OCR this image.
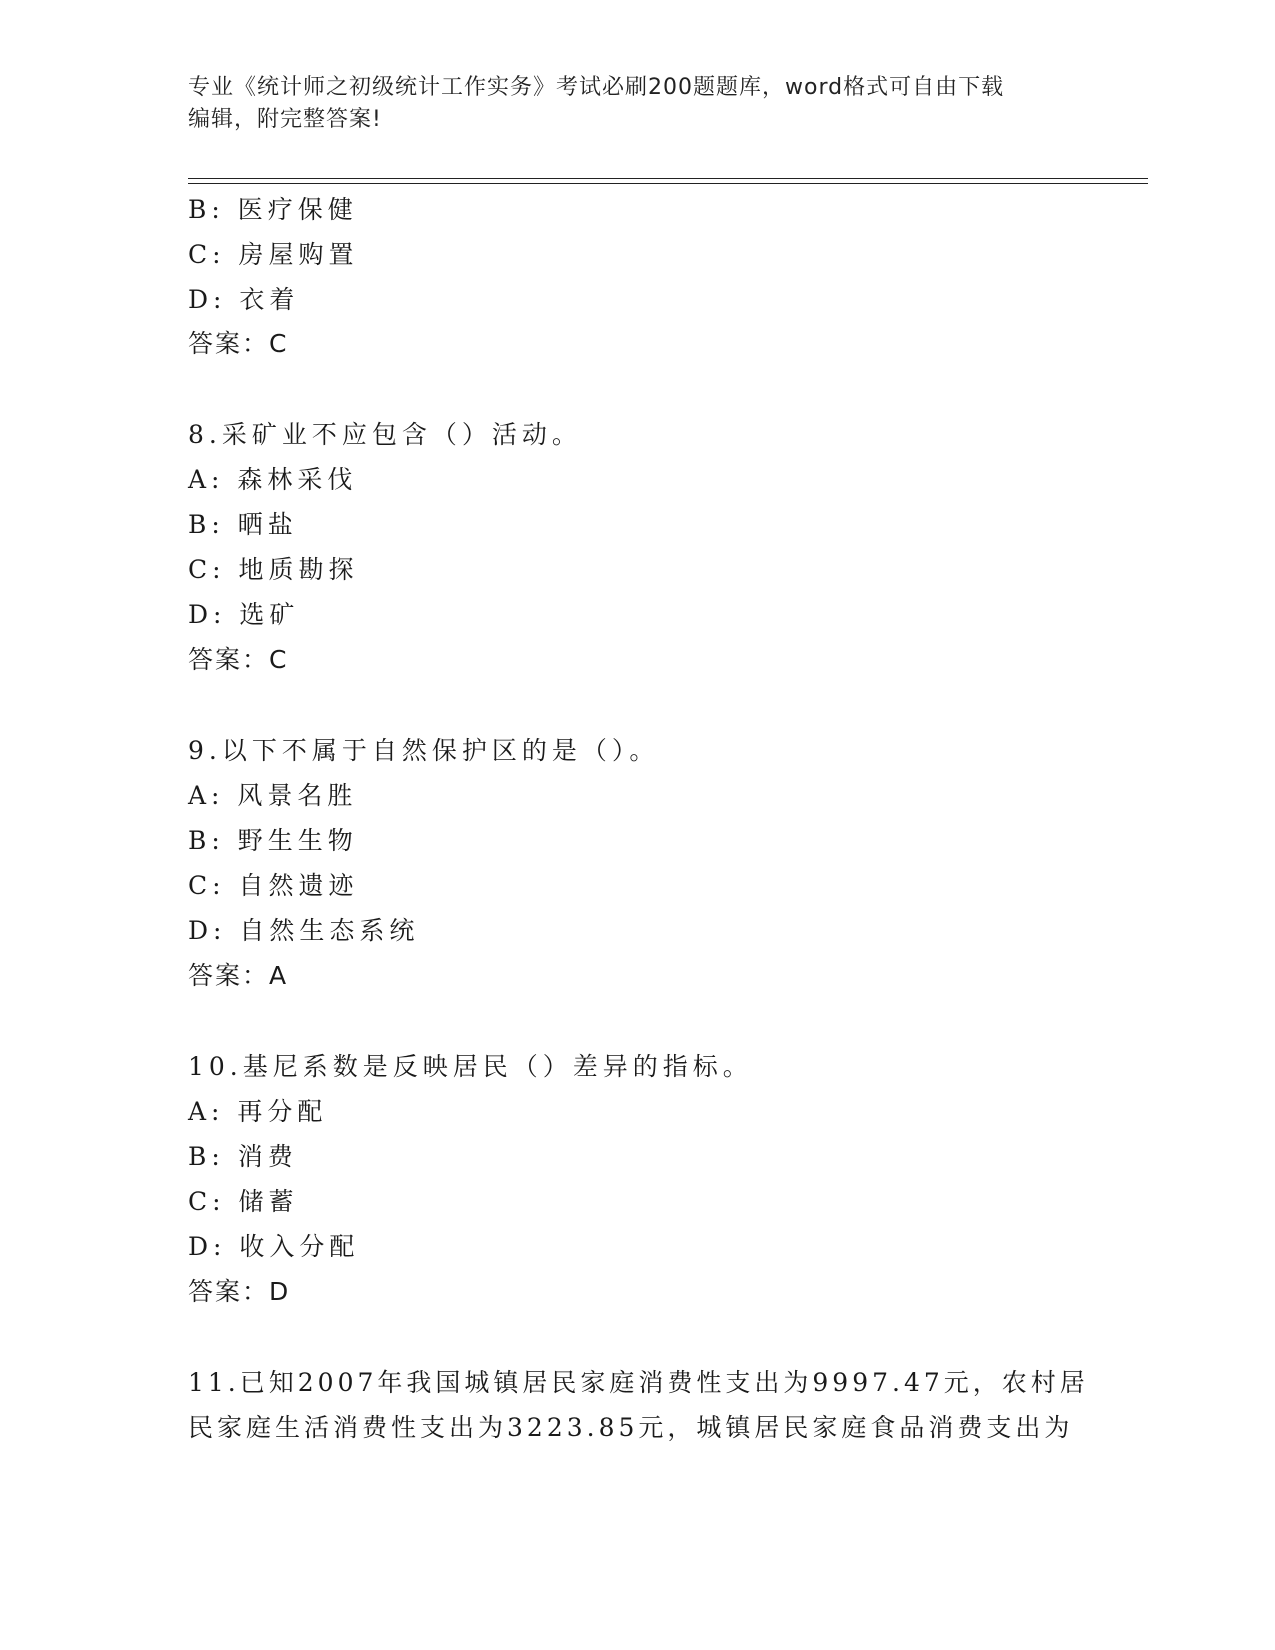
专业《统计师之初级统计工作实务》考试必刷200题题库，word格式可自由下载
编辑，附完整答案!
B: 医疗保健
C: 房屋购置
D: 衣着
答案：C
8.采矿业不应包含（）活动。
A: 森林采伐
B: 晒盐
C: 地质勘探
D: 选矿
答案：C
9.以下不属于自然保护区的是（）。
A: 风景名胜
B: 野生生物
C: 自然遗迹
D: 自然生态系统
答案：A
10.基尼系数是反映居民（）差异的指标。
A: 再分配
B: 消费
C: 储蓄
D: 收入分配
答案：D
11.已知2007年我国城镇居民家庭消费性支出为9997.47元，农村居
民家庭生活消费性支出为3223.85元，城镇居民家庭食品消费支出为
